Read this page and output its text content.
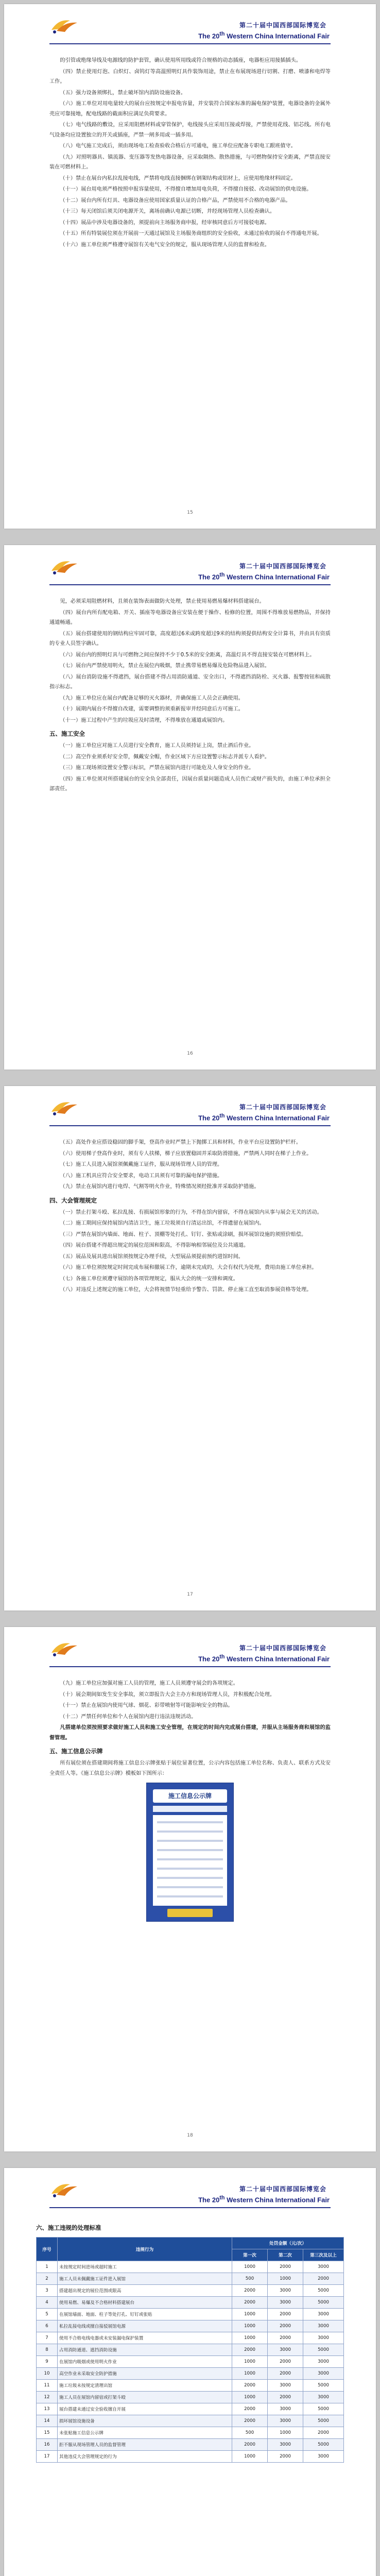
第二十届中国西部国际博览会
The 20th Western China International Fair

的引管或绝缘导线及电源线的防护套管，确认使用所用线或符合规格的动态插座，电器柜应用接插插头。

（四）禁止使用灯泡、白炽灯、卤钨灯等高温照明灯具作装饰用途，禁止在布展现场进行切割、打磨、喷漆和电焊等工作。

（五）强力设备须绑扎，禁止破坏馆内消防设施设备。

（六）施工单位对用电量较大的展台应按规定申报电容量，并安装符合国家标准的漏电保护装置，电器设备的金属外壳应可靠接地，配电线路的截面积应满足负荷要求。

（七）电气线路的敷设，应采用阻燃材料或穿管保护，电线接头应采用压接或焊接，严禁使用花线、铝芯线。所有电气设备均应设置独立的开关或插座，严禁一闸多用或一插多用。

（八）电气施工完成后，须由现场电工检查验收合格后方可通电，施工单位应配备专职电工跟班值守。

（九）对照明器具、镇流器、变压器等发热电器设备，应采取隔热、散热措施，与可燃物保持安全距离，严禁直接安装在可燃材料上。

（十）禁止在展台内私拉乱接电线，严禁将电线直接捆绑在钢架结构或铝材上，应使用绝缘材料固定。

（十一）展台用电须严格按照申报容量使用，不得擅自增加用电负荷，不得擅自接驳、改动展馆的供电设施。

（十二）展台内所有灯具、电器设备应使用国家质量认证的合格产品，严禁使用不合格的电器产品。

（十三）每天闭馆后须关闭电源开关，离场前确认电源已切断，并经现场管理人员检查确认。

（十四）展品中涉及电器设备的，须提前向主场服务商申报，经审核同意后方可接驳电源。

（十五）所有特装展位须在开展前一天通过展馆及主场服务商组织的安全验收，未通过验收的展台不得通电开展。

（十六）施工单位须严格遵守展馆有关电气安全的规定，服从现场管理人员的监督和检查。

15
第二十届中国西部国际博览会
The 20th Western China International Fair

见，必须采用阻燃材料，且须在装饰表面做防火处理，禁止使用易燃易爆材料搭建展台。

（四）展台内所有配电箱、开关、插座等电器设备应安装在便于操作、检修的位置，周围不得堆放易燃物品，并保持通道畅通。

（五）展台搭建使用的钢结构应牢固可靠，高度超过6米或跨度超过9米的结构须提供结构安全计算书，并由具有资质的专业人员签字确认。

（六）展台内的照明灯具与可燃物之间应保持不少于0.5米的安全距离，高温灯具不得直接安装在可燃材料上。

（七）展台内严禁使用明火，禁止在展位内吸烟，禁止携带易燃易爆及危险物品进入展馆。

（八）展台消防设施不得遮挡，展台搭建不得占用消防通道、安全出口，不得遮挡消防栓、灭火器、报警按钮和疏散指示标志。

（九）施工单位应在展台内配备足够的灭火器材，并确保施工人员会正确使用。

（十）展期内展台不得擅自改建，需要调整的须重新报审并经同意后方可施工。

（十一）施工过程中产生的垃圾应及时清理，不得堆放在通道或展馆内。

五、施工安全

（一）施工单位应对施工人员进行安全教育，施工人员须持证上岗，禁止酒后作业。

（二）高空作业须系好安全带，佩戴安全帽，作业区域下方应设置警示标志并派专人看护。

（三）施工现场须设置安全警示标识，严禁在展馆内进行可能危及人身安全的作业。

（四）施工单位须对所搭建展台的安全负全部责任，因展台质量问题造成人员伤亡或财产损失的，由施工单位承担全部责任。

16
第二十届中国西部国际博览会
The 20th Western China International Fair

（五）高处作业应搭设稳固的脚手架，登高作业时严禁上下抛掷工具和材料，作业平台应设置防护栏杆。

（六）使用梯子登高作业时，须有专人扶梯，梯子应放置稳固并采取防滑措施，严禁两人同时在梯子上作业。

（七）施工人员进入展馆须佩戴施工证件，服从现场管理人员的管理。

（八）施工机具应符合安全要求，电动工具须有可靠的漏电保护措施。

（九）禁止在展馆内进行电焊、气割等明火作业，特殊情况须经批准并采取防护措施。

四、大会管理规定

（一）禁止打架斗殴、私拉乱接、有损展馆形象的行为，不得在馆内留宿，不得在展馆内从事与展会无关的活动。

（二）施工期间应保持展馆内清洁卫生，施工垃圾须自行清运出馆，不得遗留在展馆内。

（三）严禁在展馆内墙面、地面、柱子、顶棚等处打孔、钉钉、张贴或涂刷，损坏展馆设施的须照价赔偿。

（四）展台搭建不得超出规定的展位范围和限高，不得影响相邻展位及公共通道。

（五）展品及展具进出展馆须按规定办理手续，大型展品须提前预约进馆时间。

（六）施工单位须按规定时间完成布展和撤展工作，逾期未完成的，大会有权代为处理，费用由施工单位承担。

（七）各施工单位须遵守展馆的各项管理规定，服从大会的统一安排和调度。

（八）对违反上述规定的施工单位，大会将视情节轻重给予警告、罚款、停止施工直至取消参展资格等处理。

17
第二十届中国西部国际博览会
The 20th Western China International Fair

（九）施工单位应加强对施工人员的管理，施工人员须遵守展会的各项规定。

（十）展会期间如发生安全事故，须立即报告大会主办方和现场管理人员，并积极配合处理。

（十一）禁止在展馆内使用气球、烟花、彩带喷射等可能影响安全的物品。

（十二）严禁任何单位和个人在展馆内进行违法违规活动。

凡搭建单位须按照要求做好施工人员和施工安全管理，在规定的时间内完成展台搭建，并服从主场服务商和展馆的监督管理。

五、施工信息公示牌

所有展位须在搭建期间将施工信息公示牌张贴于展位显著位置，公示内容包括施工单位名称、负责人、联系方式及安全责任人等。《施工信息公示牌》模板如下图所示：

施工信息公示牌
18
第二十届中国西部国际博览会
The 20th Western China International Fair
六、施工违规的处理标准
序号	违规行为	处罚金额（元/次）		
		第一次	第二次	第三次及以上
1	未按规定时间进场或超时施工	1000	2000	3000
2	施工人员未佩戴施工证件进入展馆	500	1000	2000
3	搭建超出规定的展位范围或限高	2000	3000	5000
4	使用易燃、易爆及不合格材料搭建展台	2000	3000	5000
5	在展馆墙面、地面、柱子等处打孔、钉钉或张贴	1000	2000	3000
6	私拉乱接电线或擅自接驳展馆电源	1000	2000	3000
7	使用不合格电线电器或未安装漏电保护装置	1000	2000	3000
8	占用消防通道、遮挡消防设施	2000	3000	5000
9	在展馆内吸烟或使用明火作业	1000	2000	3000
10	高空作业未采取安全防护措施	1000	2000	3000
11	施工垃圾未按规定清理出馆	2000	3000	5000
12	施工人员在展馆内留宿或打架斗殴	1000	2000	3000
13	展台搭建未通过安全验收擅自开展	2000	3000	5000
14	损坏展馆设施设备	2000	3000	5000
15	未张贴施工信息公示牌	500	1000	2000
16	拒不服从现场管理人员的监督管理	2000	3000	5000
17	其他违反大会管理规定的行为	1000	2000	3000
